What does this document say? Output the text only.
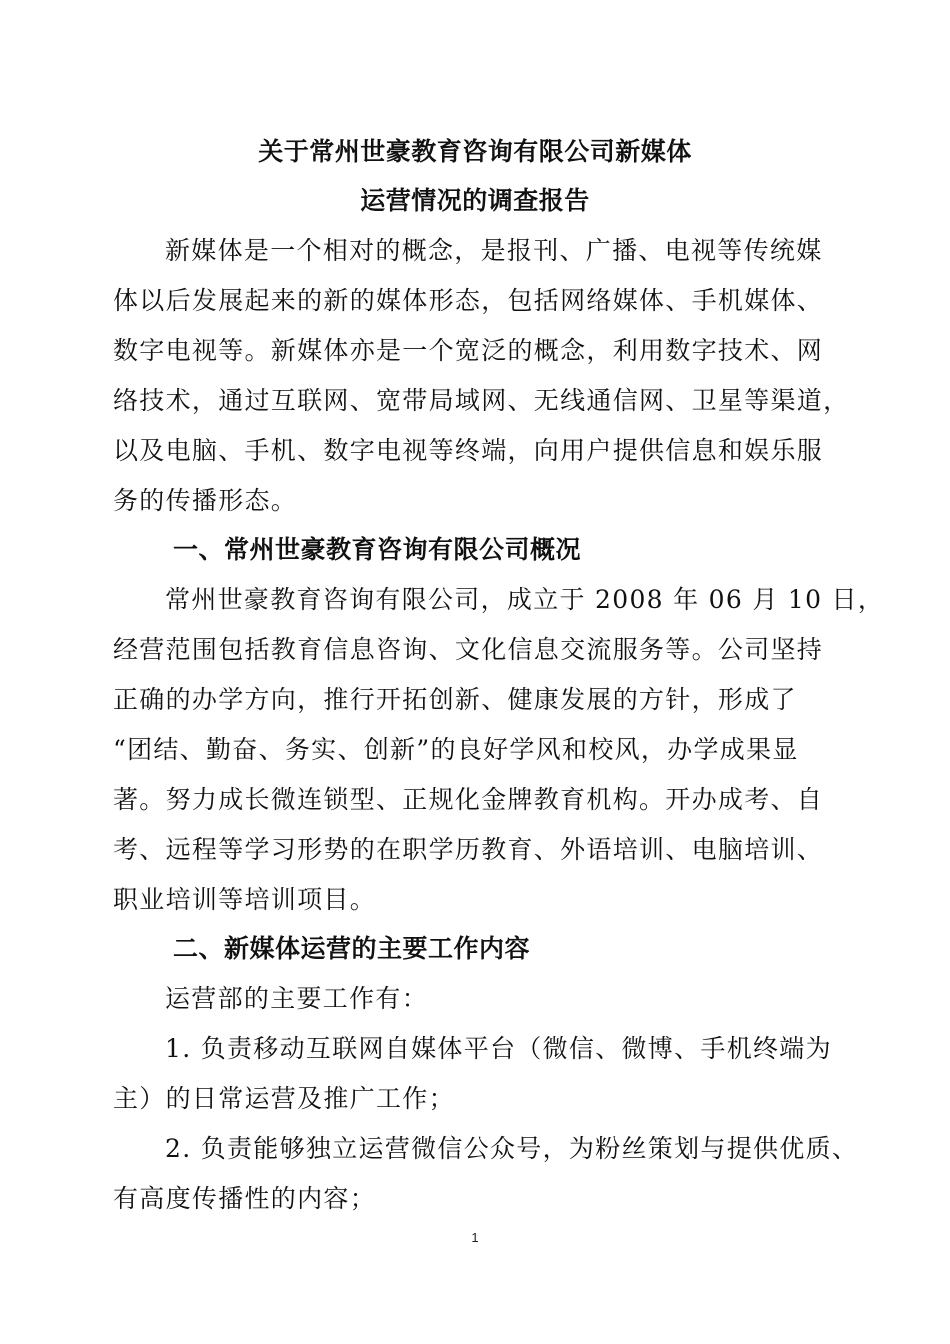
关于常州世豪教育咨询有限公司新媒体
运营情况的调查报告
新媒体是一个相对的概念，是报刊、广播、电视等传统媒
体以后发展起来的新的媒体形态，包括网络媒体、手机媒体、
数字电视等。新媒体亦是一个宽泛的概念，利用数字技术、网
络技术，通过互联网、宽带局域网、无线通信网、卫星等渠道，
以及电脑、手机、数字电视等终端，向用户提供信息和娱乐服
务的传播形态。
一、常州世豪教育咨询有限公司概况
常州世豪教育咨询有限公司，成立于 2008 年 06 月 10 日，
经营范围包括教育信息咨询、文化信息交流服务等。公司坚持
正确的办学方向，推行开拓创新、健康发展的方针，形成了
“团结、勤奋、务实、创新”的良好学风和校风，办学成果显
著。努力成长微连锁型、正规化金牌教育机构。开办成考、自
考、远程等学习形势的在职学历教育、外语培训、电脑培训、
职业培训等培训项目。
二、新媒体运营的主要工作内容
运营部的主要工作有：
1. 负责移动互联网自媒体平台（微信、微博、手机终端为
主）的日常运营及推广工作；
2. 负责能够独立运营微信公众号，为粉丝策划与提供优质、
有高度传播性的内容；
1
